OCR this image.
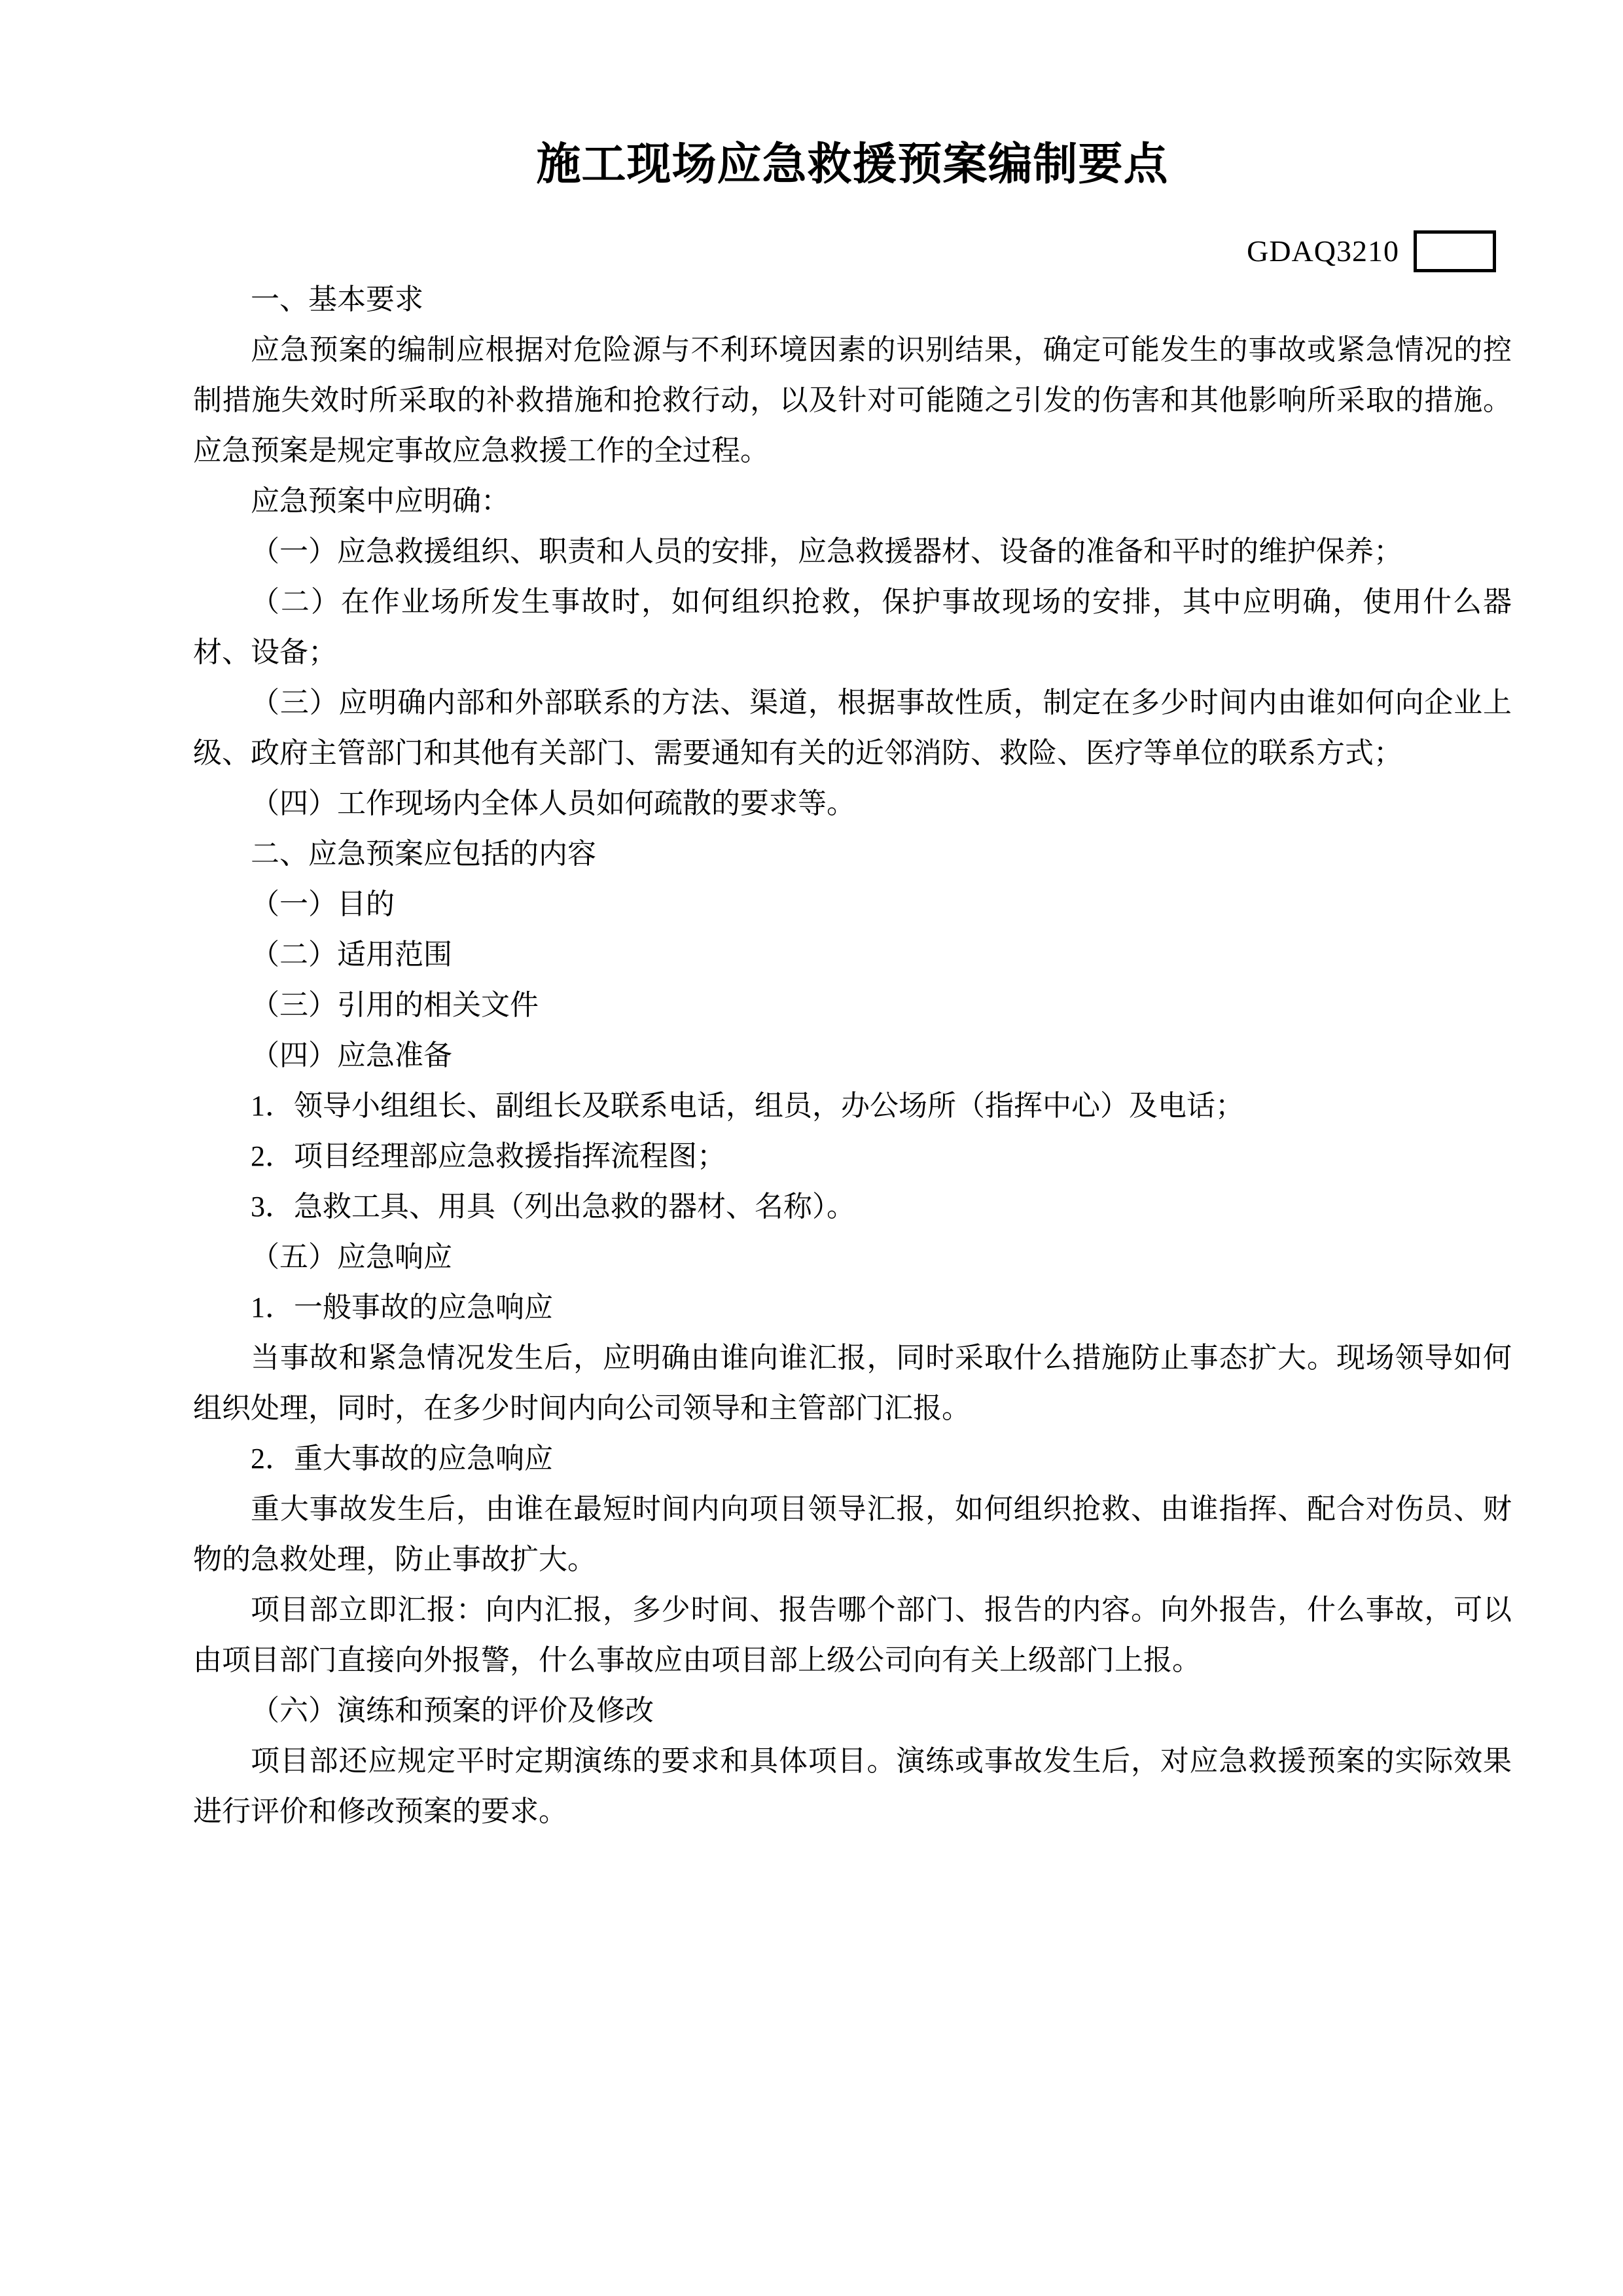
施工现场应急救援预案编制要点
GDAQ3210

一、基本要求

应急预案的编制应根据对危险源与不利环境因素的识别结果，确定可能发生的事故或紧急情况的控制措施失效时所采取的补救措施和抢救行动，以及针对可能随之引发的伤害和其他影响所采取的措施。应急预案是规定事故应急救援工作的全过程。

应急预案中应明确：

（一）应急救援组织、职责和人员的安排，应急救援器材、设备的准备和平时的维护保养；

（二）在作业场所发生事故时，如何组织抢救，保护事故现场的安排，其中应明确，使用什么器材、设备；

（三）应明确内部和外部联系的方法、渠道，根据事故性质，制定在多少时间内由谁如何向企业上级、政府主管部门和其他有关部门、需要通知有关的近邻消防、救险、医疗等单位的联系方式；

（四）工作现场内全体人员如何疏散的要求等。

二、应急预案应包括的内容

（一）目的

（二）适用范围

（三）引用的相关文件

（四）应急准备

1．领导小组组长、副组长及联系电话，组员，办公场所（指挥中心）及电话；

2．项目经理部应急救援指挥流程图；

3．急救工具、用具（列出急救的器材、名称）。

（五）应急响应

1．一般事故的应急响应

当事故和紧急情况发生后，应明确由谁向谁汇报，同时采取什么措施防止事态扩大。现场领导如何组织处理，同时，在多少时间内向公司领导和主管部门汇报。

2．重大事故的应急响应

重大事故发生后，由谁在最短时间内向项目领导汇报，如何组织抢救、由谁指挥、配合对伤员、财物的急救处理，防止事故扩大。

项目部立即汇报：向内汇报，多少时间、报告哪个部门、报告的内容。向外报告，什么事故，可以由项目部门直接向外报警，什么事故应由项目部上级公司向有关上级部门上报。

（六）演练和预案的评价及修改

项目部还应规定平时定期演练的要求和具体项目。演练或事故发生后，对应急救援预案的实际效果进行评价和修改预案的要求。
